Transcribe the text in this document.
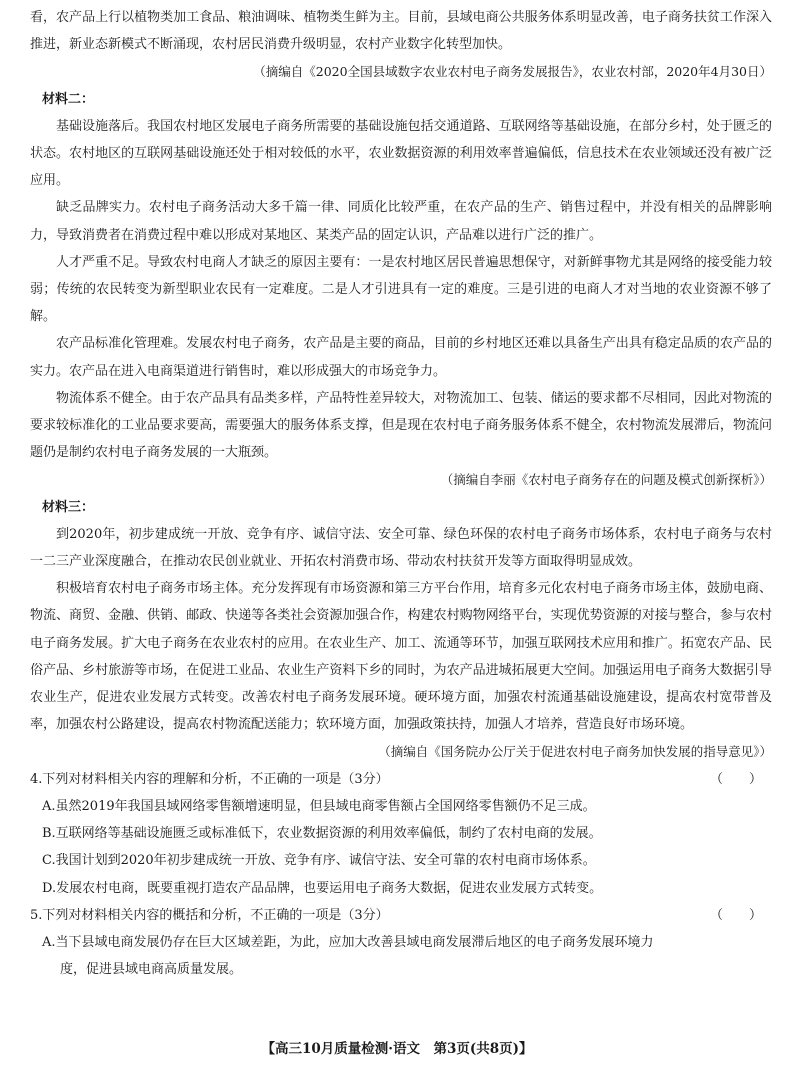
看，农产品上行以植物类加工食品、粮油调味、植物类生鲜为主。目前，县域电商公共服务体系明显改善，电子商务扶贫工作深入推进，新业态新模式不断涌现，农村居民消费升级明显，农村产业数字化转型加快。

（摘编自《2020全国县域数字农业农村电子商务发展报告》，农业农村部，2020年4月30日）

材料二：

基础设施落后。我国农村地区发展电子商务所需要的基础设施包括交通道路、互联网络等基础设施，在部分乡村，处于匮乏的状态。农村地区的互联网基础设施还处于相对较低的水平，农业数据资源的利用效率普遍偏低，信息技术在农业领域还没有被广泛应用。

缺乏品牌实力。农村电子商务活动大多千篇一律、同质化比较严重，在农产品的生产、销售过程中，并没有相关的品牌影响力，导致消费者在消费过程中难以形成对某地区、某类产品的固定认识，产品难以进行广泛的推广。

人才严重不足。导致农村电商人才缺乏的原因主要有：一是农村地区居民普遍思想保守，对新鲜事物尤其是网络的接受能力较弱；传统的农民转变为新型职业农民有一定难度。二是人才引进具有一定的难度。三是引进的电商人才对当地的农业资源不够了解。

农产品标准化管理难。发展农村电子商务，农产品是主要的商品，目前的乡村地区还难以具备生产出具有稳定品质的农产品的实力。农产品在进入电商渠道进行销售时，难以形成强大的市场竞争力。

物流体系不健全。由于农产品具有品类多样，产品特性差异较大，对物流加工、包装、储运的要求都不尽相同，因此对物流的要求较标准化的工业品要求要高，需要强大的服务体系支撑，但是现在农村电子商务服务体系不健全，农村物流发展滞后，物流问题仍是制约农村电子商务发展的一大瓶颈。

（摘编自李丽《农村电子商务存在的问题及模式创新探析》）

材料三：

到2020年，初步建成统一开放、竞争有序、诚信守法、安全可靠、绿色环保的农村电子商务市场体系，农村电子商务与农村一二三产业深度融合，在推动农民创业就业、开拓农村消费市场、带动农村扶贫开发等方面取得明显成效。

积极培育农村电子商务市场主体。充分发挥现有市场资源和第三方平台作用，培育多元化农村电子商务市场主体，鼓励电商、物流、商贸、金融、供销、邮政、快递等各类社会资源加强合作，构建农村购物网络平台，实现优势资源的对接与整合，参与农村电子商务发展。扩大电子商务在农业农村的应用。在农业生产、加工、流通等环节，加强互联网技术应用和推广。拓宽农产品、民俗产品、乡村旅游等市场，在促进工业品、农业生产资料下乡的同时，为农产品进城拓展更大空间。加强运用电子商务大数据引导农业生产，促进农业发展方式转变。改善农村电子商务发展环境。硬环境方面，加强农村流通基础设施建设，提高农村宽带普及率，加强农村公路建设，提高农村物流配送能力；软环境方面，加强政策扶持，加强人才培养，营造良好市场环境。

（摘编自《国务院办公厅关于促进农村电子商务加快发展的指导意见》）

4.下列对材料相关内容的理解和分析，不正确的一项是（3分）	（　　）

A.虽然2019年我国县域网络零售额增速明显，但县域电商零售额占全国网络零售额仍不足三成。

B.互联网络等基础设施匮乏或标准低下，农业数据资源的利用效率偏低，制约了农村电商的发展。

C.我国计划到2020年初步建成统一开放、竞争有序、诚信守法、安全可靠的农村电商市场体系。

D.发展农村电商，既要重视打造农产品品牌，也要运用电子商务大数据，促进农业发展方式转变。

5.下列对材料相关内容的概括和分析，不正确的一项是（3分）	（　　）

A.当下县域电商发展仍存在巨大区域差距，为此，应加大改善县域电商发展滞后地区的电子商务发展环境力

度，促进县域电商高质量发展。

【高三10月质量检测·语文　第3页(共8页)】
